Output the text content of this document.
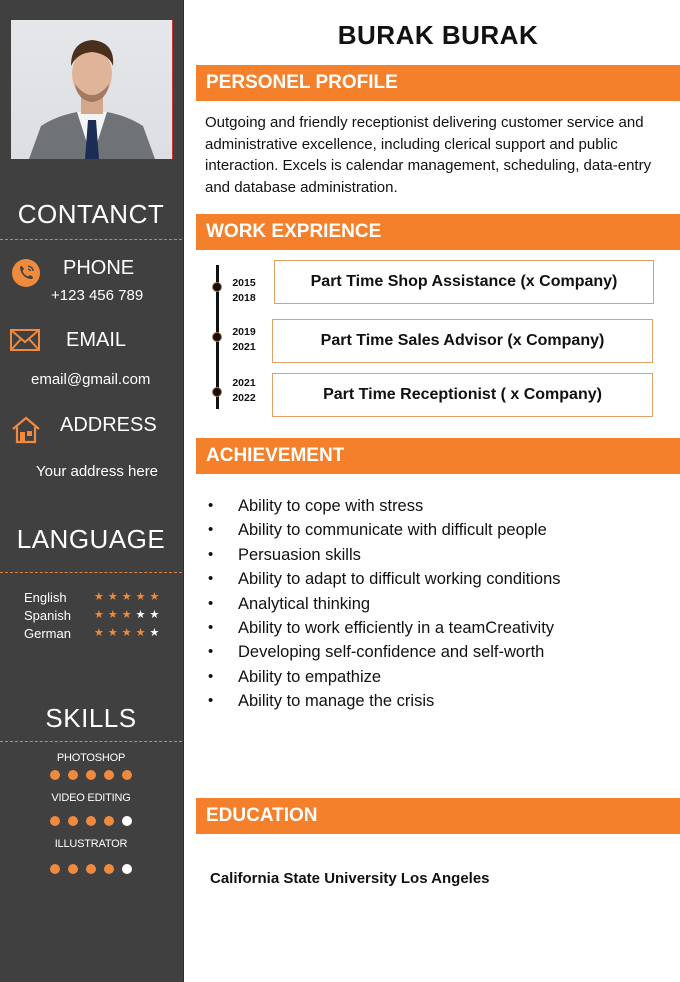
CONTANCT
PHONE
+123 456 789
EMAIL
email@gmail.com
ADDRESS
Your address here
LANGUAGE
English ★★★★★
Spanish ★★★★★
German ★★★★★
SKILLS
PHOTOSHOP
VIDEO EDITING
ILLUSTRATOR
BURAK BURAK
PERSONEL PROFILE
Outgoing and friendly receptionist delivering customer service and administrative excellence, including clerical support and public interaction. Excels is calendar management, scheduling, data-entry and database administration.
WORK EXPRIENCE
2015
2018
2019
2021
2021
2022
Part Time Shop Assistance (x Company)
Part Time Sales Advisor (x Company)
Part Time Receptionist ( x Company)
ACHIEVEMENT
• Ability to cope with stress
• Ability to communicate with difficult people
• Persuasion skills
• Ability to adapt to difficult working conditions
• Analytical thinking
• Ability to work efficiently in a teamCreativity
• Developing self-confidence and self-worth
• Ability to empathize
• Ability to manage the crisis
EDUCATION
California State University Los Angeles
